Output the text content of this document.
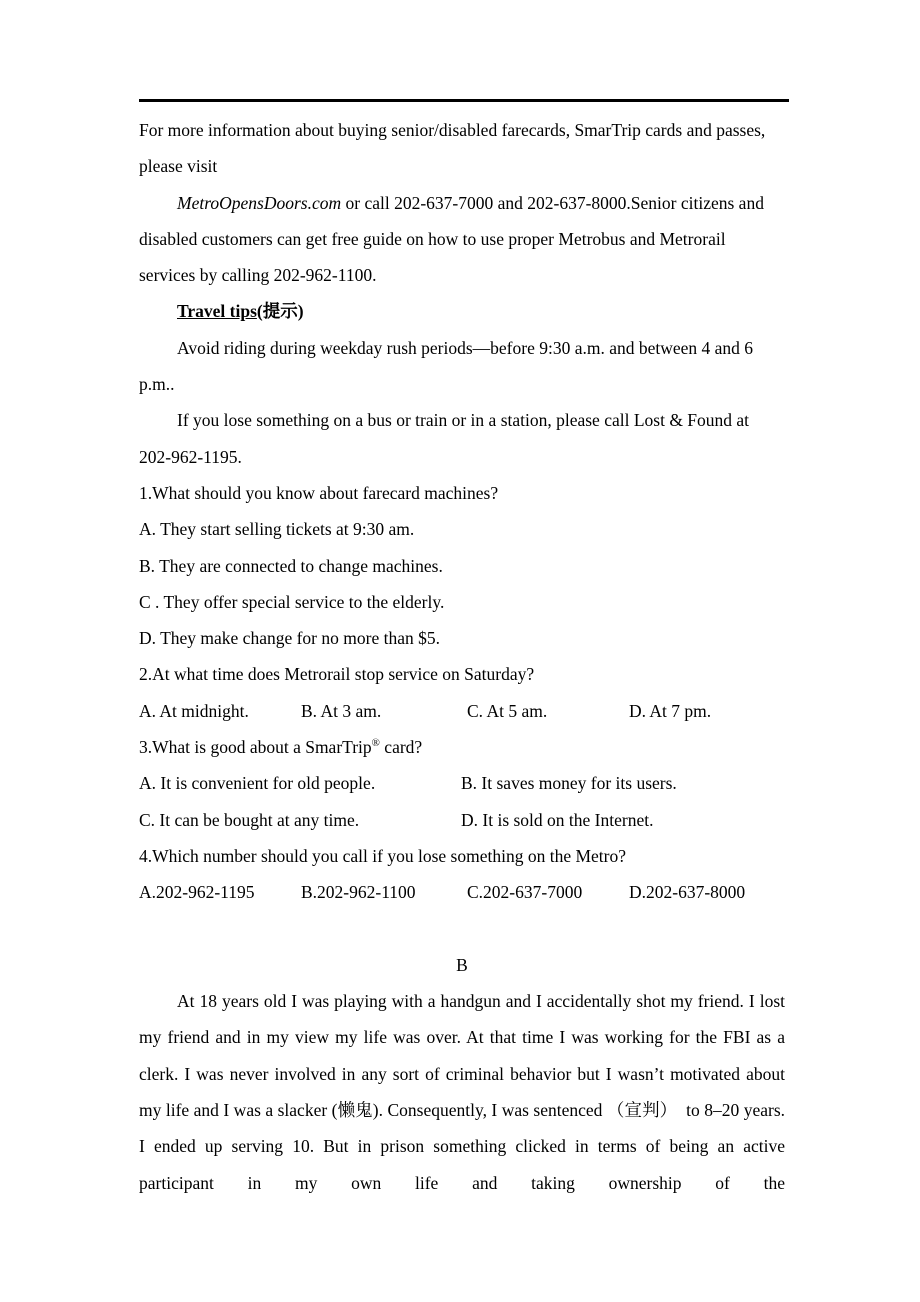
For more information about buying senior/disabled farecards, SmarTrip cards and passes, please visit

MetroOpensDoors.com or call 202-637-7000 and 202-637-8000.Senior citizens and disabled customers can get free guide on how to use proper Metrobus and Metrorail services by calling 202-962-1100.

Travel tips(提示)

Avoid riding during weekday rush periods—before 9:30 a.m. and between 4 and 6 p.m..

If you lose something on a bus or train or in a station, please call Lost & Found at 202-962-1195.

1.What should you know about farecard machines?

A. They start selling tickets at 9:30 am.

B. They are connected to change machines.

C . They offer special service to the elderly.

D. They make change for no more than $5.

2.At what time does Metrorail stop service on Saturday?

A. At midnight.	B. At 3 am.	C. At 5 am.	D. At 7 pm.

3.What is good about a SmarTrip® card?

A. It is convenient for old people.	B. It saves money for its users.

C. It can be bought at any time.	D. It is sold on the Internet.

4.Which number should you call if you lose something on the Metro?

A.202-962-1195	B.202-962-1100	C.202-637-7000	D.202-637-8000

B

At 18 years old I was playing with a handgun and I accidentally shot my friend. I lost my friend and in my view my life was over. At that time I was working for the FBI as a clerk. I was never involved in any sort of criminal behavior but I wasn’t motivated about my life and I was a slacker (懒鬼). Consequently, I was sentenced （宣判）　to 8–20 years. I ended up serving 10. But in prison something clicked in terms of being an active participant in my own life and taking ownership of the
